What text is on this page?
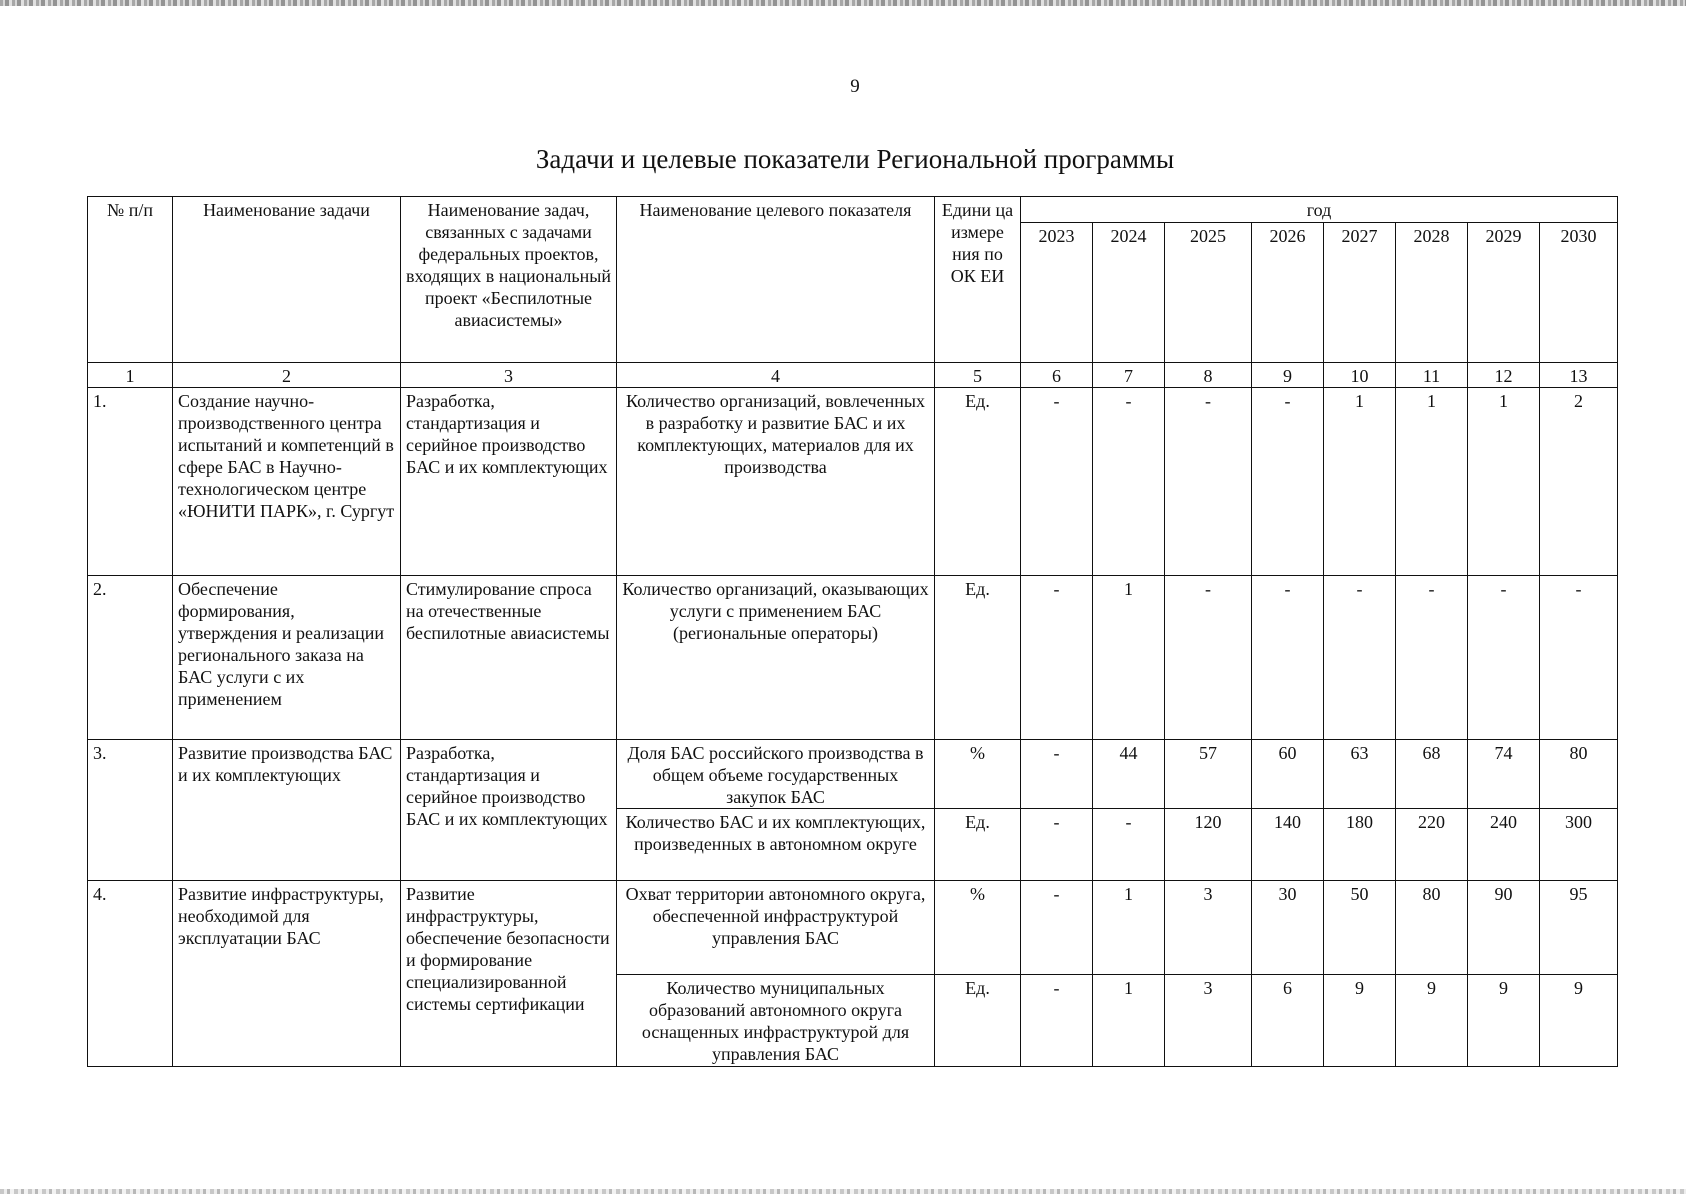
9
Задачи и целевые показатели Региональной программы
№ п/п	Наименование задачи	Наименование задач, связанных с задачами федеральных проектов, входящих в национальный проект «Беспилотные авиасистемы»	Наименование целевого показателя	Едини ца измере ния по ОК ЕИ	год							
					2023	2024	2025	2026	2027	2028	2029	2030
1	2	3	4	5	6	7	8	9	10	11	12	13
1.	Создание научно-производственного центра испытаний и компетенций в сфере БАС в Научно-технологическом центре «ЮНИТИ ПАРК», г. Сургут	Разработка, стандартизация и серийное производство БАС и их комплектующих	Количество организаций, вовлеченных в разработку и развитие БАС и их комплектующих, материалов для их производства	Ед.	-	-	-	-	1	1	1	2
2.	Обеспечение формирования, утверждения и реализации регионального заказа на БАС услуги с их применением	Стимулирование спроса на отечественные беспилотные авиасистемы	Количество организаций, оказывающих услуги с применением БАС (региональные операторы)	Ед.	-	1	-	-	-	-	-	-
3.	Развитие производства БАС и их комплектующих	Разработка, стандартизация и серийное производство БАС и их комплектующих	Доля БАС российского производства в общем объеме государственных закупок БАС	%	-	44	57	60	63	68	74	80
			Количество БАС и их комплектующих, произведенных в автономном округе	Ед.	-	-	120	140	180	220	240	300
4.	Развитие инфраструктуры, необходимой для эксплуатации БАС	Развитие инфраструктуры, обеспечение безопасности и формирование специализированной системы сертификации	Охват территории автономного округа, обеспеченной инфраструктурой управления БАС	%	-	1	3	30	50	80	90	95
			Количество муниципальных образований автономного округа оснащенных инфраструктурой для управления БАС	Ед.	-	1	3	6	9	9	9	9
